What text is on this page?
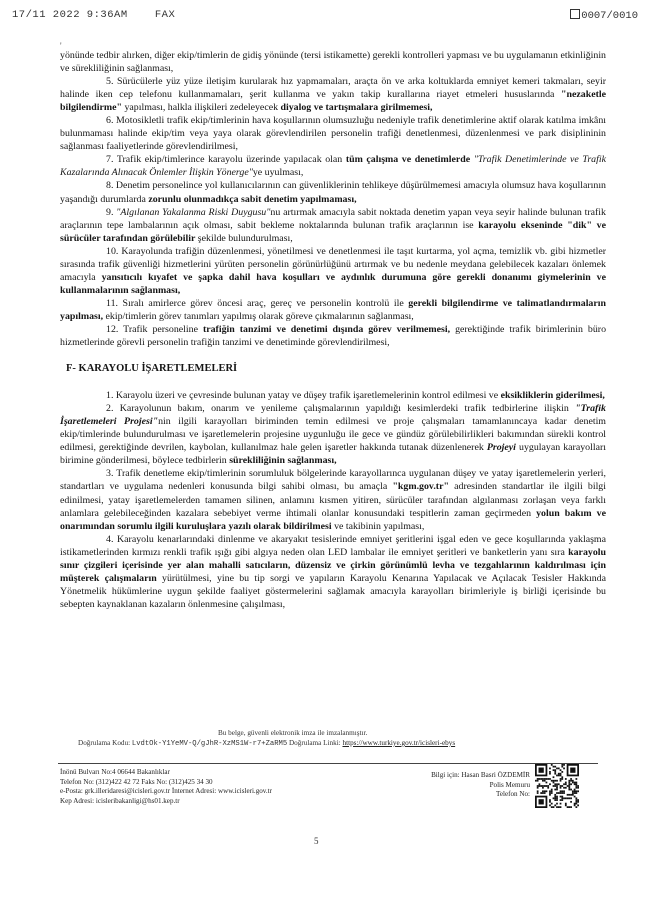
17/11 2022 9:36AM	FAX	0007/0010
'

yönünde tedbir alırken, diğer ekip/timlerin de gidiş yönünde (tersi istikamette) gerekli kontrolleri yapması ve bu uygulamanın etkinliğinin ve sürekliliğinin sağlanması,

5. Sürücülerle yüz yüze iletişim kurularak hız yapmamaları, araçta ön ve arka koltuklarda emniyet kemeri takmaları, seyir halinde iken cep telefonu kullanmamaları, şerit kullanma ve yakın takip kurallarına riayet etmeleri hususlarında "nezaketle bilgilendirme" yapılması, halkla ilişkileri zedeleyecek diyalog ve tartışmalara girilmemesi,

6. Motosikletli trafik ekip/timlerinin hava koşullarının olumsuzluğu nedeniyle trafik denetimlerine aktif olarak katılma imkânı bulunmaması halinde ekip/tim veya yaya olarak görevlendirilen personelin trafiği denetlenmesi, düzenlenmesi ve park disiplininin sağlanması faaliyetlerinde görevlendirilmesi,

7. Trafik ekip/timlerince karayolu üzerinde yapılacak olan tüm çalışma ve denetimlerde "Trafik Denetimlerinde ve Trafik Kazalarında Alınacak Önlemler İlişkin Yönerge"ye uyulması,

8. Denetim personelince yol kullanıcılarının can güvenliklerinin tehlikeye düşürülmemesi amacıyla olumsuz hava koşullarının yaşandığı durumlarda zorunlu olunmadıkça sabit denetim yapılmaması,

9. "Algılanan Yakalanma Riski Duygusu"nu artırmak amacıyla sabit noktada denetim yapan veya seyir halinde bulunan trafik araçlarının tepe lambalarının açık olması, sabit bekleme noktalarında bulunan trafik araçlarının ise karayolu ekseninde "dik" ve sürücüler tarafından görülebilir şekilde bulundurulması,

10. Karayolunda trafiğin düzenlenmesi, yönetilmesi ve denetlenmesi ile taşıt kurtarma, yol açma, temizlik vb. gibi hizmetler sırasında trafik güvenliği hizmetlerini yürüten personelin görünürlüğünü artırmak ve bu nedenle meydana gelebilecek kazaları önlemek amacıyla yansıtıcılı kıyafet ve şapka dahil hava koşulları ve aydınlık durumuna göre gerekli donanımı giymelerinin ve kullanmalarının sağlanması,

11. Sıralı amirlerce görev öncesi araç, gereç ve personelin kontrolü ile gerekli bilgilendirme ve talimatlandırmaların yapılması, ekip/timlerin görev tanımları yapılmış olarak göreve çıkmalarının sağlanması,

12. Trafik personeline trafiğin tanzimi ve denetimi dışında görev verilmemesi, gerektiğinde trafik birimlerinin büro hizmetlerinde görevli personelin trafiğin tanzimi ve denetiminde görevlendirilmesi,

F- KARAYOLU İŞARETLEMELERİ

1. Karayolu üzeri ve çevresinde bulunan yatay ve düşey trafik işaretlemelerinin kontrol edilmesi ve eksikliklerin giderilmesi,

2. Karayolunun bakım, onarım ve yenileme çalışmalarının yapıldığı kesimlerdeki trafik tedbirlerine ilişkin "Trafik İşaretlemeleri Projesi"nin ilgili karayolları biriminden temin edilmesi ve proje çalışmaları tamamlanıncaya kadar denetim ekip/timlerinde bulundurulması ve işaretlemelerin projesine uygunluğu ile gece ve gündüz görülebilirlikleri bakımından sürekli kontrol edilmesi, gerektiğinde devrilen, kaybolan, kullanılmaz hale gelen işaretler hakkında tutanak düzenlenerek Projeyi uygulayan karayolları birimine gönderilmesi, böylece tedbirlerin sürekliliğinin sağlanması,

3. Trafik denetleme ekip/timlerinin sorumluluk bölgelerinde karayollarınca uygulanan düşey ve yatay işaretlemelerin yerleri, standartları ve uygulama nedenleri konusunda bilgi sahibi olması, bu amaçla "kgm.gov.tr" adresinden standartlar ile ilgili bilgi edinilmesi, yatay işaretlemelerden tamamen silinen, anlamını kısmen yitiren, sürücüler tarafından algılanması zorlaşan veya farklı anlamlara gelebileceğinden kazalara sebebiyet verme ihtimali olanlar konusundaki tespitlerin zaman geçirmeden yolun bakım ve onarımından sorumlu ilgili kuruluşlara yazılı olarak bildirilmesi ve takibinin yapılması,

4. Karayolu kenarlarındaki dinlenme ve akaryakıt tesislerinde emniyet şeritlerini işgal eden ve gece koşullarında yaklaşma istikametlerinden kırmızı renkli trafik ışığı gibi algıya neden olan LED lambalar ile emniyet şeritleri ve banketlerin yanı sıra karayolu sınır çizgileri içerisinde yer alan mahalli satıcıların, düzensiz ve çirkin görünümlü levha ve tezgahlarının kaldırılması için müşterek çalışmaların yürütülmesi, yine bu tip sorgi ve yapıların Karayolu Kenarına Yapılacak ve Açılacak Tesisler Hakkında Yönetmelik hükümlerine uygun şekilde faaliyet göstermelerini sağlamak amacıyla karayolları birimleriyle iş birliği içerisinde bu sebepten kaynaklanan kazaların önlenmesine çalışılması,

Bu belge, güvenli elektronik imza ile imzalanmıştır.
Doğrulama Kodu: LvdtOk-Y1YeMV-Q/gJhR-XzMS1W-r7+ZaRM5 Doğrulama Linki: https://www.turkiye.gov.tr/icisleri-ebys
İnönü Bulvarı No:4 06644 Bakanlıklar
Telefon No: (312)422 42 72 Faks No: (312)425 34 30
e-Posta: grk.illeridaresi@icisleri.gov.tr İnternet Adresi: www.icisleri.gov.tr
Kep Adresi: icisleribakanligi@hs01.kep.tr
Bilgi için: Hasan Basri ÖZDEMİR
Polis Memuru
Telefon No:
5
